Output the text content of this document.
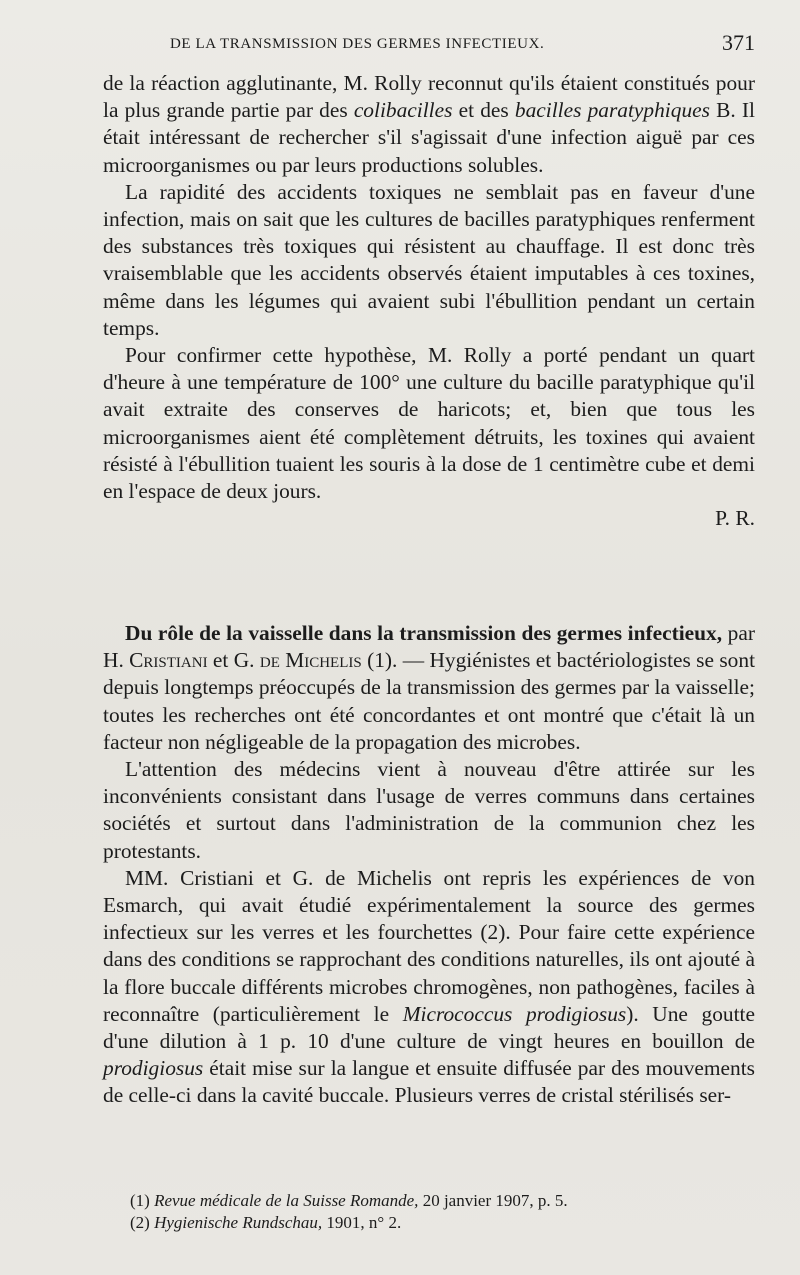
DE LA TRANSMISSION DES GERMES INFECTIEUX.	371

de la réaction agglutinante, M. Rolly reconnut qu'ils étaient constitués pour la plus grande partie par des colibacilles et des bacilles paratyphiques B. Il était intéressant de rechercher s'il s'agissait d'une infection aiguë par ces microorganismes ou par leurs productions solubles.

La rapidité des accidents toxiques ne semblait pas en faveur d'une infection, mais on sait que les cultures de bacilles paratyphiques renferment des substances très toxiques qui résistent au chauffage. Il est donc très vraisemblable que les accidents observés étaient imputables à ces toxines, même dans les légumes qui avaient subi l'ébullition pendant un certain temps.

Pour confirmer cette hypothèse, M. Rolly a porté pendant un quart d'heure à une température de 100° une culture du bacille paratyphique qu'il avait extraite des conserves de haricots; et, bien que tous les microorganismes aient été complètement détruits, les toxines qui avaient résisté à l'ébullition tuaient les souris à la dose de 1 centimètre cube et demi en l'espace de deux jours.

P. R.

Du rôle de la vaisselle dans la transmission des germes infectieux, par H. Cristiani et G. de Michelis (1). — Hygiénistes et bactériologistes se sont depuis longtemps préoccupés de la transmission des germes par la vaisselle; toutes les recherches ont été concordantes et ont montré que c'était là un facteur non négligeable de la propagation des microbes.

L'attention des médecins vient à nouveau d'être attirée sur les inconvénients consistant dans l'usage de verres communs dans certaines sociétés et surtout dans l'administration de la communion chez les protestants.

MM. Cristiani et G. de Michelis ont repris les expériences de von Esmarch, qui avait étudié expérimentalement la source des germes infectieux sur les verres et les fourchettes (2). Pour faire cette expérience dans des conditions se rapprochant des conditions naturelles, ils ont ajouté à la flore buccale différents microbes chromogènes, non pathogènes, faciles à reconnaître (particulièrement le Micrococcus prodigiosus). Une goutte d'une dilution à 1 p. 10 d'une culture de vingt heures en bouillon de prodigiosus était mise sur la langue et ensuite diffusée par des mouvements de celle-ci dans la cavité buccale. Plusieurs verres de cristal stérilisés ser-

(1) Revue médicale de la Suisse Romande, 20 janvier 1907, p. 5.
(2) Hygienische Rundschau, 1901, n° 2.
